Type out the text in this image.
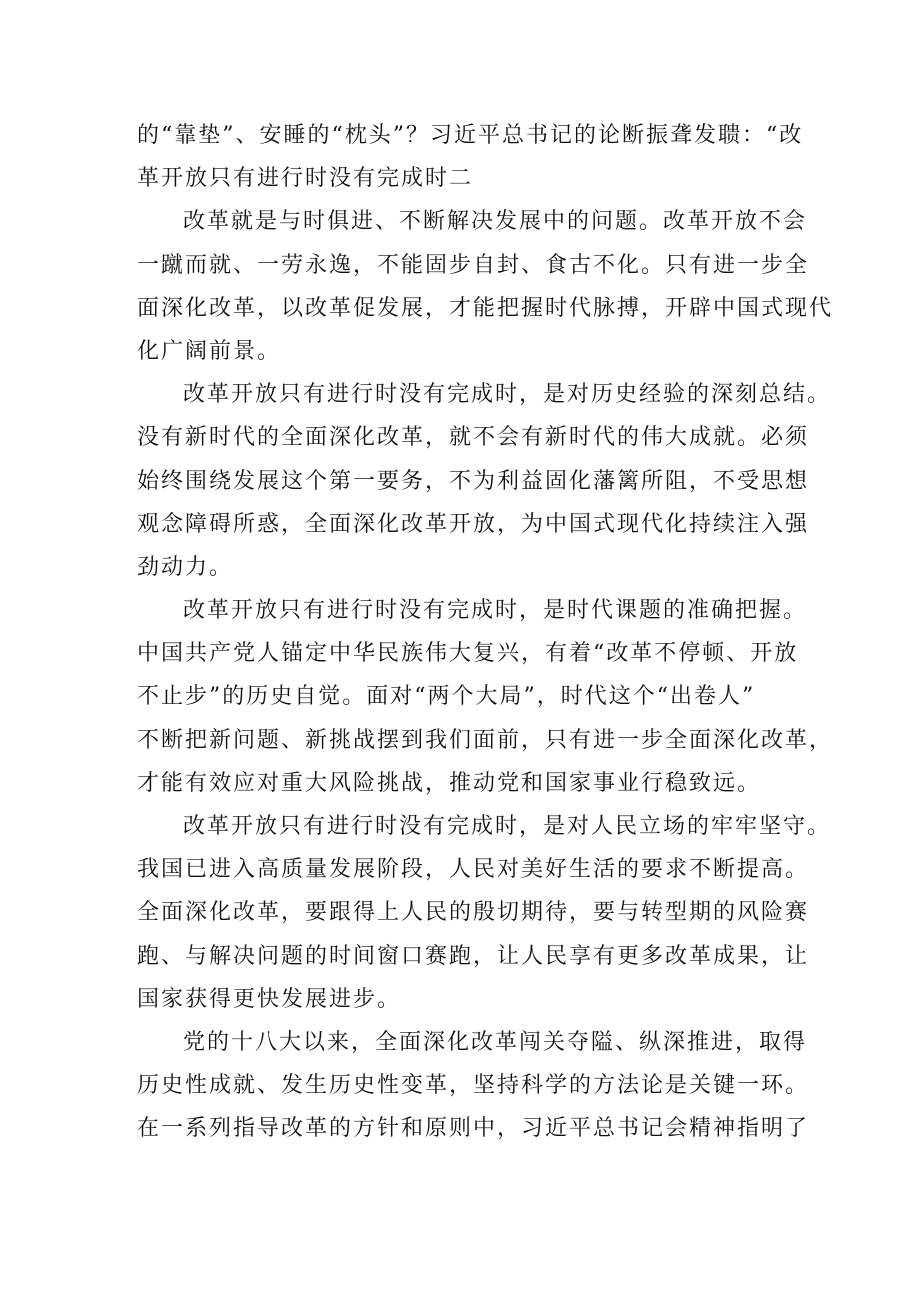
的“靠垫”、安睡的“枕头”？习近平总书记的论断振聋发聩：“改
革开放只有进行时没有完成时二
改革就是与时俱进、不断解决发展中的问题。改革开放不会
一蹴而就、一劳永逸，不能固步自封、食古不化。只有进一步全
面深化改革，以改革促发展，才能把握时代脉搏，开辟中国式现代
化广阔前景。
改革开放只有进行时没有完成时，是对历史经验的深刻总结。
没有新时代的全面深化改革，就不会有新时代的伟大成就。必须
始终围绕发展这个第一要务，不为利益固化藩篱所阻，不受思想
观念障碍所惑，全面深化改革开放，为中国式现代化持续注入强
劲动力。
改革开放只有进行时没有完成时，是时代课题的准确把握。
中国共产党人锚定中华民族伟大复兴，有着“改革不停顿、开放
不止步”的历史自觉。面对“两个大局”，时代这个“出卷人”
不断把新问题、新挑战摆到我们面前，只有进一步全面深化改革，
才能有效应对重大风险挑战，推动党和国家事业行稳致远。
改革开放只有进行时没有完成时，是对人民立场的牢牢坚守。
我国已进入高质量发展阶段，人民对美好生活的要求不断提高。
全面深化改革，要跟得上人民的殷切期待，要与转型期的风险赛
跑、与解决问题的时间窗口赛跑，让人民享有更多改革成果，让
国家获得更快发展进步。
党的十八大以来，全面深化改革闯关夺隘、纵深推进，取得
历史性成就、发生历史性变革，坚持科学的方法论是关键一环。
在一系列指导改革的方针和原则中，习近平总书记会精神指明了
